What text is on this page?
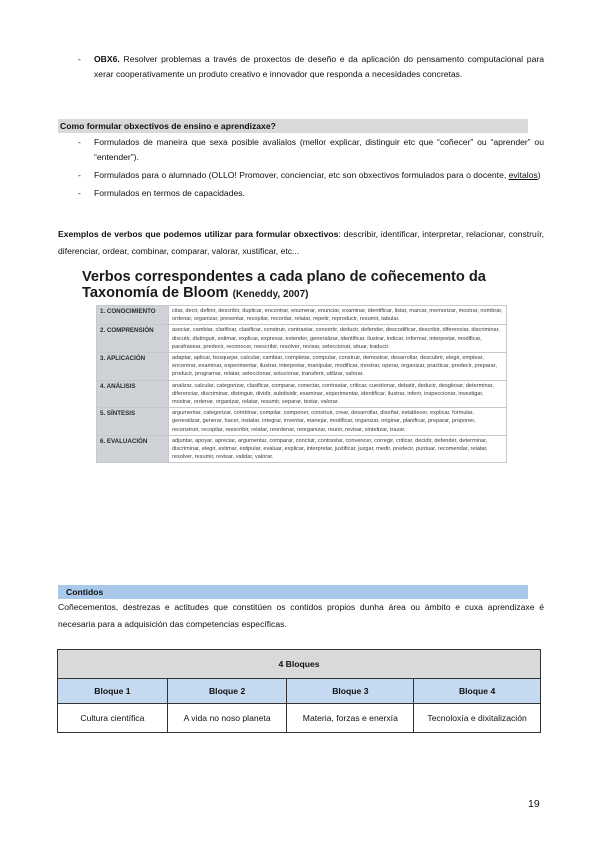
- OBX6. Resolver problemas a través de proxectos de deseño e da aplicación do pensamento computacional para xerar cooperativamente un produto creativo e innovador que responda a necesidades concretas.
Como formular obxectivos de ensino e aprendizaxe?
- Formulados de maneira que sexa posible avalialos (mellor explicar, distinguir etc que “coñecer” ou “aprender” ou “entender”).
- Formulados para o alumnado (OLLO! Promover, concienciar, etc son obxectivos formulados para o docente, evitalos)
- Formulados en termos de capacidades.

Exemplos de verbos que podemos utilizar para formular obxectivos: describir, identificar, interpretar, relacionar, construír, diferenciar, ordear, combinar, comparar, valorar, xustificar, etc...

Verbos correspondentes a cada plano de coñecemento da Taxonomía de Bloom (Keneddy, 2007)
1. CONOCIMIENTO	citar, decir, definir, describir, duplicar, encontrar, enumerar, enunciar, examinar, identificar, listar, marcar, memorizar, mostrar, nombrar, ordenar, organizar, presentar, recopilar, recordar, relatar, repetir, reproducir, resumir, tabular.
2. COMPRENSIÓN	asociar, cambiar, clarificar, clasificar, construir, contrastar, convertir, deducir, defender, descodificar, describir, diferenciar, discriminar, discutir, distinguir, estimar, explicar, expresar, extender, generalizar, identificar, ilustrar, indicar, informar, interpretar, modificar, parafrasear, predecir, reconocer, reescribir, resolver, revisar, seleccionar, situar, traducir.
3. APLICACIÓN	adaptar, aplicar, bosquejar, calcular, cambiar, completar, computar, construir, demostrar, desarrollar, descubrir, elegir, emplear, encontrar, examinar, experimentar, ilustrar, interpretar, manipular, modificar, mostrar, operar, organizar, practicar, predecir, preparar, producir, programar, relatar, seleccionar, solucionar, transferir, utilizar, valorar.
4. ANÁLISIS	analizar, calcular, categorizar, clasificar, comparar, conectar, contrastar, criticar, cuestionar, debatir, deducir, desglosar, determinar, diferenciar, discriminar, distinguir, dividir, subdividir, examinar, experimentar, identificar, ilustrar, inferir, inspeccionar, investigar, mostrar, ordenar, organizar, relatar, resumir, separar, testar, valorar.
5. SÍNTESIS	argumentar, categorizar, combinar, compilar, componer, construir, crear, desarrollar, diseñar, establecer, explicar, formular, generalizar, generar, hacer, instalar, integrar, inventar, manejar, modificar, organizar, originar, planificar, preparar, proponer, reconstruir, recopilar, reescribir, relatar, reordenar, reorganizar, reunir, revisar, sintetizar, trazar.
6. EVALUACIÓN	adjuntar, apoyar, apreciar, argumentar, comparar, concluir, contrastar, convencer, corregir, criticar, decidir, defender, determinar, discriminar, elegir, estimar, estipular, evaluar, explicar, interpretar, justificar, juzgar, medir, predecir, puntuar, recomendar, relatar, resolver, resumir, revisar, validar, valorar.
Contidos

Coñecementos, destrezas e actitudes que constitúen os contidos propios dunha área ou ámbito e cuxa aprendizaxe é necesaria para a adquisición das competencias específicas.

4 Bloques			
Bloque 1	Bloque 2	Bloque 3	Bloque 4
Cultura científica	A vida no noso planeta	Materia, forzas e enerxía	Tecnoloxía e dixitalización
19
